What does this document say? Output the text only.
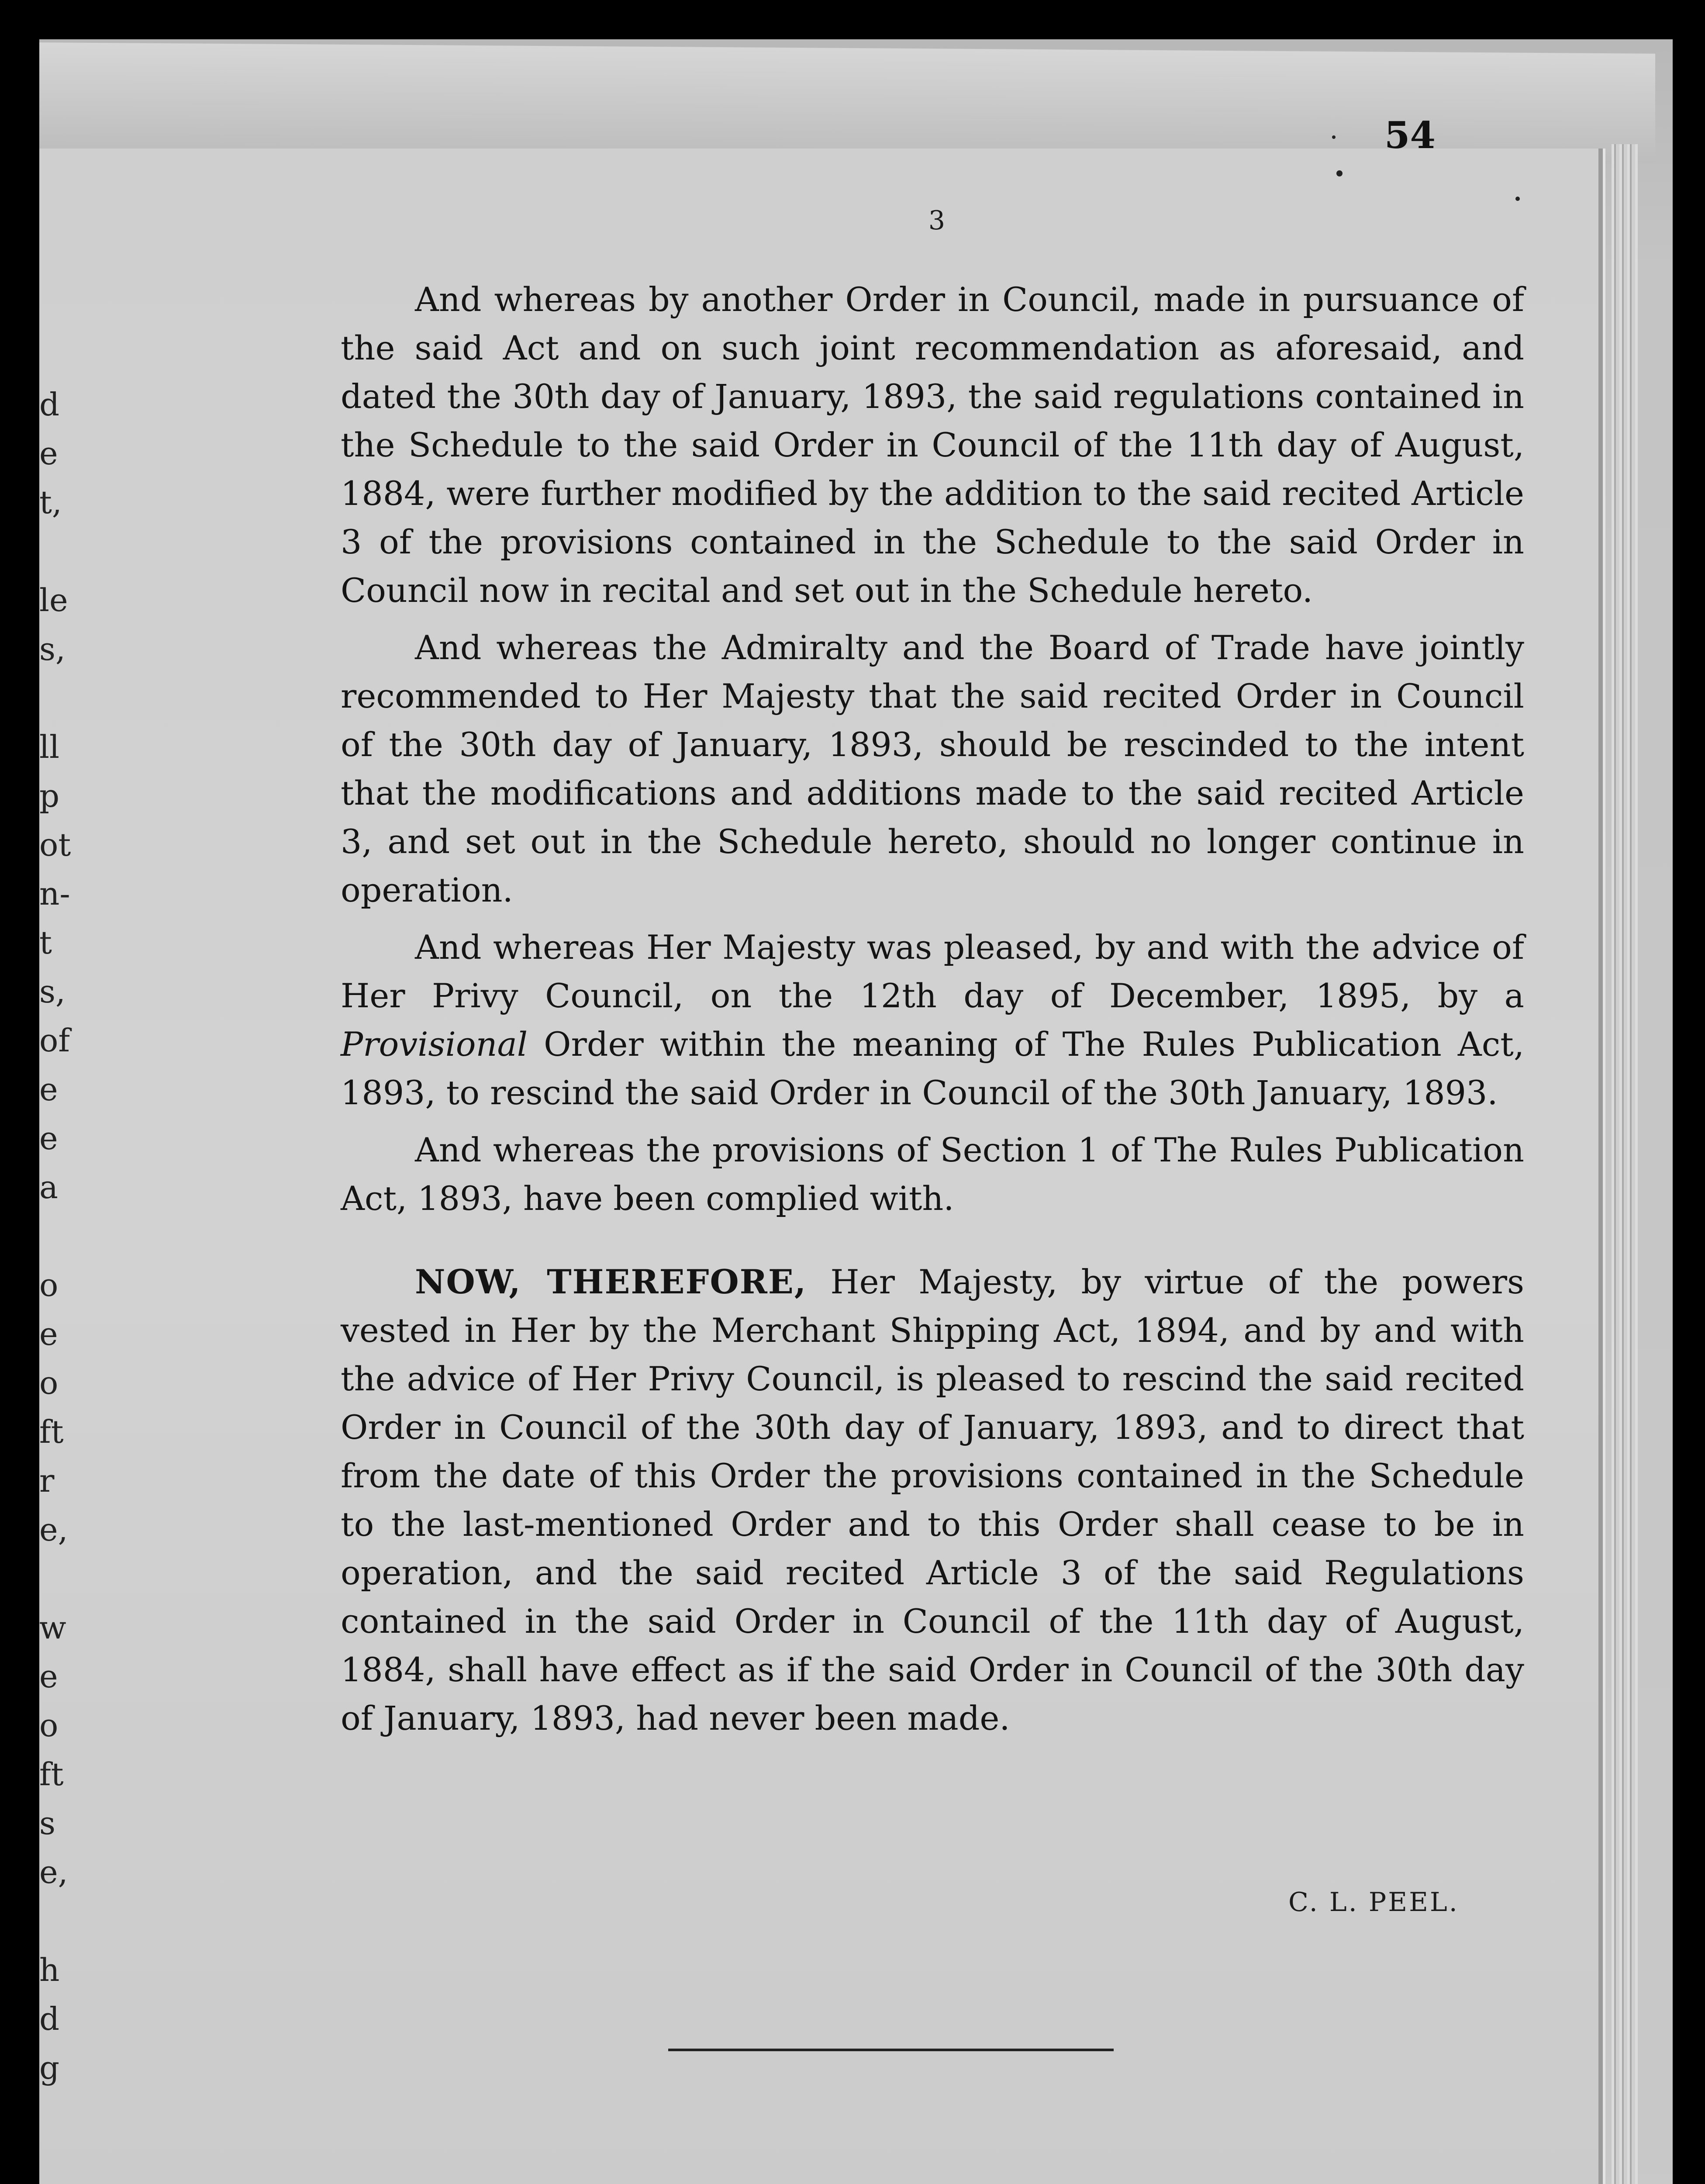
d
e
t,
le
s,
ll
p
ot
n-
t
s,
of
e
e
a
o
e
o
ft
r
e,
w
e
o
ft
s
e,
h
d
g
54
3

And whereas by another Order in Council, made in pursuance of the said Act and on such joint recommendation as aforesaid, and dated the 30th day of January, 1893, the said regulations contained in the Schedule to the said Order in Council of the 11th day of August, 1884, were further modified by the addition to the said recited Article 3 of the provisions contained in the Schedule to the said Order in Council now in recital and set out in the Schedule hereto.

And whereas the Admiralty and the Board of Trade have jointly recommended to Her Majesty that the said recited Order in Council of the 30th day of January, 1893, should be rescinded to the intent that the modifications and additions made to the said recited Article 3, and set out in the Schedule hereto, should no longer continue in operation.

And whereas Her Majesty was pleased, by and with the advice of Her Privy Council, on the 12th day of December, 1895, by a Provisional Order within the meaning of The Rules Publication Act, 1893, to rescind the said Order in Council of the 30th January, 1893.

And whereas the provisions of Section 1 of The Rules Publication Act, 1893, have been complied with.

NOW, THEREFORE, Her Majesty, by virtue of the powers vested in Her by the Merchant Shipping Act, 1894, and by and with the advice of Her Privy Council, is pleased to rescind the said recited Order in Council of the 30th day of January, 1893, and to direct that from the date of this Order the provisions contained in the Schedule to the last-mentioned Order and to this Order shall cease to be in operation, and the said recited Article 3 of the said Regulations contained in the said Order in Council of the 11th day of August, 1884, shall have effect as if the said Order in Council of the 30th day of January, 1893, had never been made.

C. L. PEEL.
